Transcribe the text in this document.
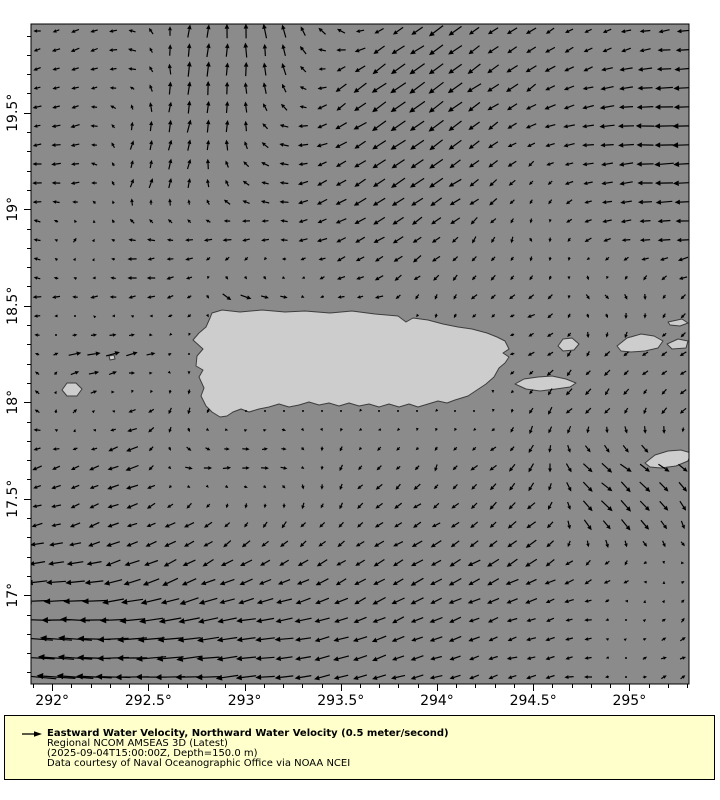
292°	292.5°	293°	293.5°	294°	294.5°	295°
19.5°
19°
18.5°
18°
17.5°
17°
Eastward Water Velocity, Northward Water Velocity (0.5 meter/second)
Regional NCOM AMSEAS 3D (Latest)
(2025-09-04T15:00:00Z, Depth=150.0 m)
Data courtesy of Naval Oceanographic Office via NOAA NCEI
